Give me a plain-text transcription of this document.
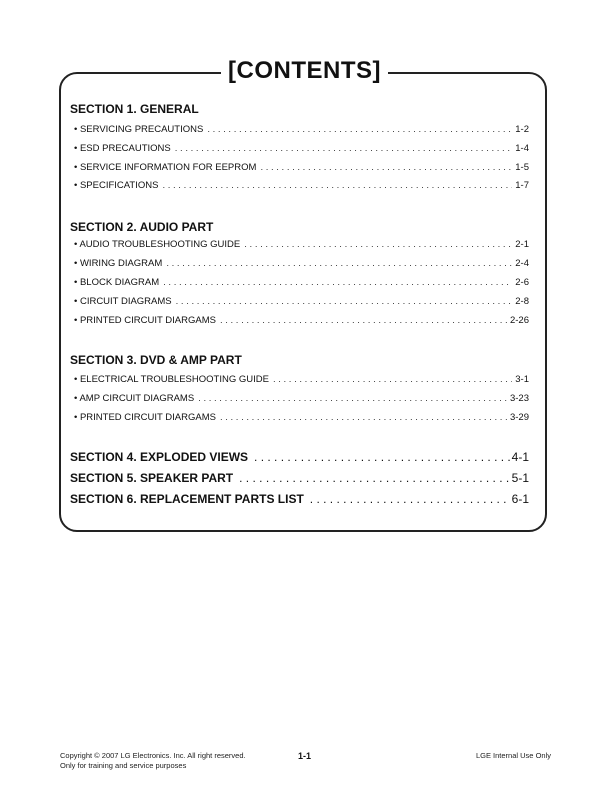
[CONTENTS]
SECTION 1. GENERAL
• SERVICING PRECAUTIONS . . .	1-2
• ESD PRECAUTIONS . . .	1-4
• SERVICE INFORMATION FOR EEPROM . . .	1-5
• SPECIFICATIONS . . .	1-7
SECTION 2. AUDIO PART
• AUDIO TROUBLESHOOTING GUIDE . . .	2-1
• WIRING DIAGRAM . . .	2-4
• BLOCK DIAGRAM . . .	2-6
• CIRCUIT DIAGRAMS . . .	2-8
• PRINTED CIRCUIT DIARGAMS . . .	2-26
SECTION 3. DVD & AMP PART
• ELECTRICAL TROUBLESHOOTING GUIDE . . .	3-1
• AMP CIRCUIT DIAGRAMS . . .	3-23
• PRINTED CIRCUIT DIARGAMS . . .	3-29
SECTION 4. EXPLODED VIEWS . . .	4-1
SECTION 5. SPEAKER PART . . .	5-1
SECTION 6. REPLACEMENT PARTS LIST . . .	6-1
Copyright © 2007 LG Electronics. Inc. All right reserved.
Only for training and service purposes
1-1	LGE Internal Use Only
